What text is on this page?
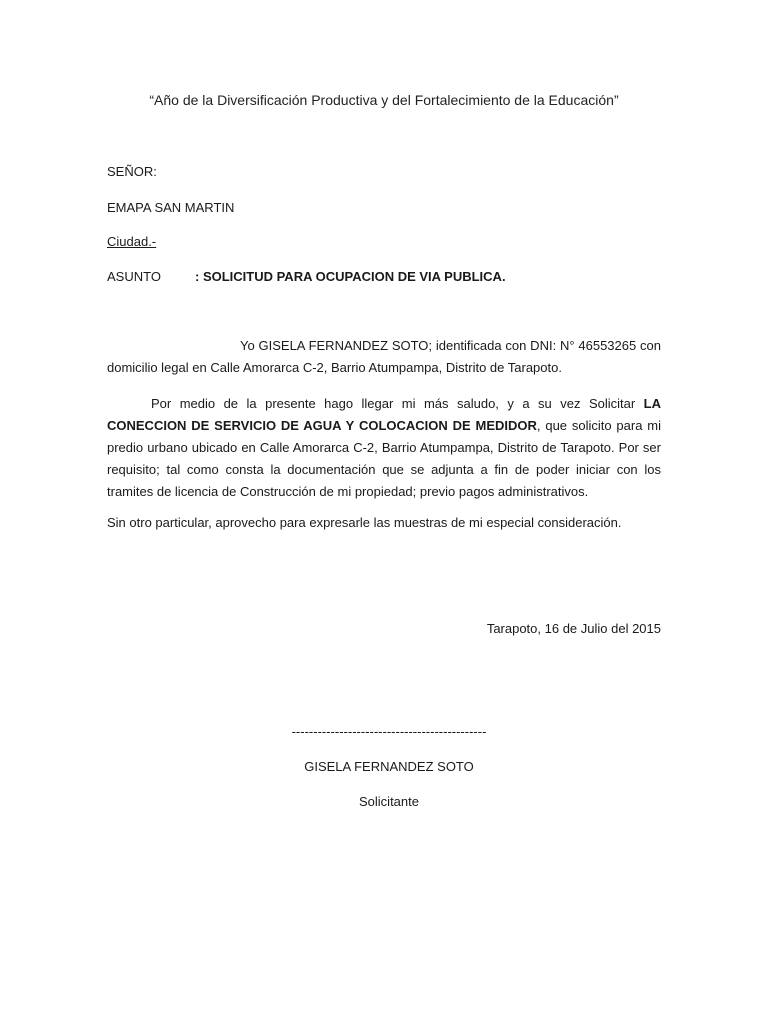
“Año de la Diversificación Productiva y del Fortalecimiento de la Educación”
SEÑOR:
EMAPA SAN MARTIN
Ciudad.-
ASUNTO	: SOLICITUD PARA OCUPACION DE VIA PUBLICA.
Yo GISELA FERNANDEZ SOTO; identificada con DNI: N° 46553265 con domicilio legal en Calle Amorarca C-2, Barrio Atumpampa, Distrito de Tarapoto.
Por medio de la presente hago llegar mi más saludo, y a su vez Solicitar LA CONECCION DE SERVICIO DE AGUA Y COLOCACION DE MEDIDOR, que solicito para mi predio urbano ubicado en Calle Amorarca C-2, Barrio Atumpampa, Distrito de Tarapoto. Por ser requisito; tal como consta la documentación que se adjunta a fin de poder iniciar con los tramites de licencia de Construcción de mi propiedad; previo pagos administrativos.
Sin otro particular, aprovecho para expresarle las muestras de mi especial consideración.
Tarapoto, 16 de Julio del 2015
---------------------------------------------
GISELA FERNANDEZ SOTO
Solicitante
